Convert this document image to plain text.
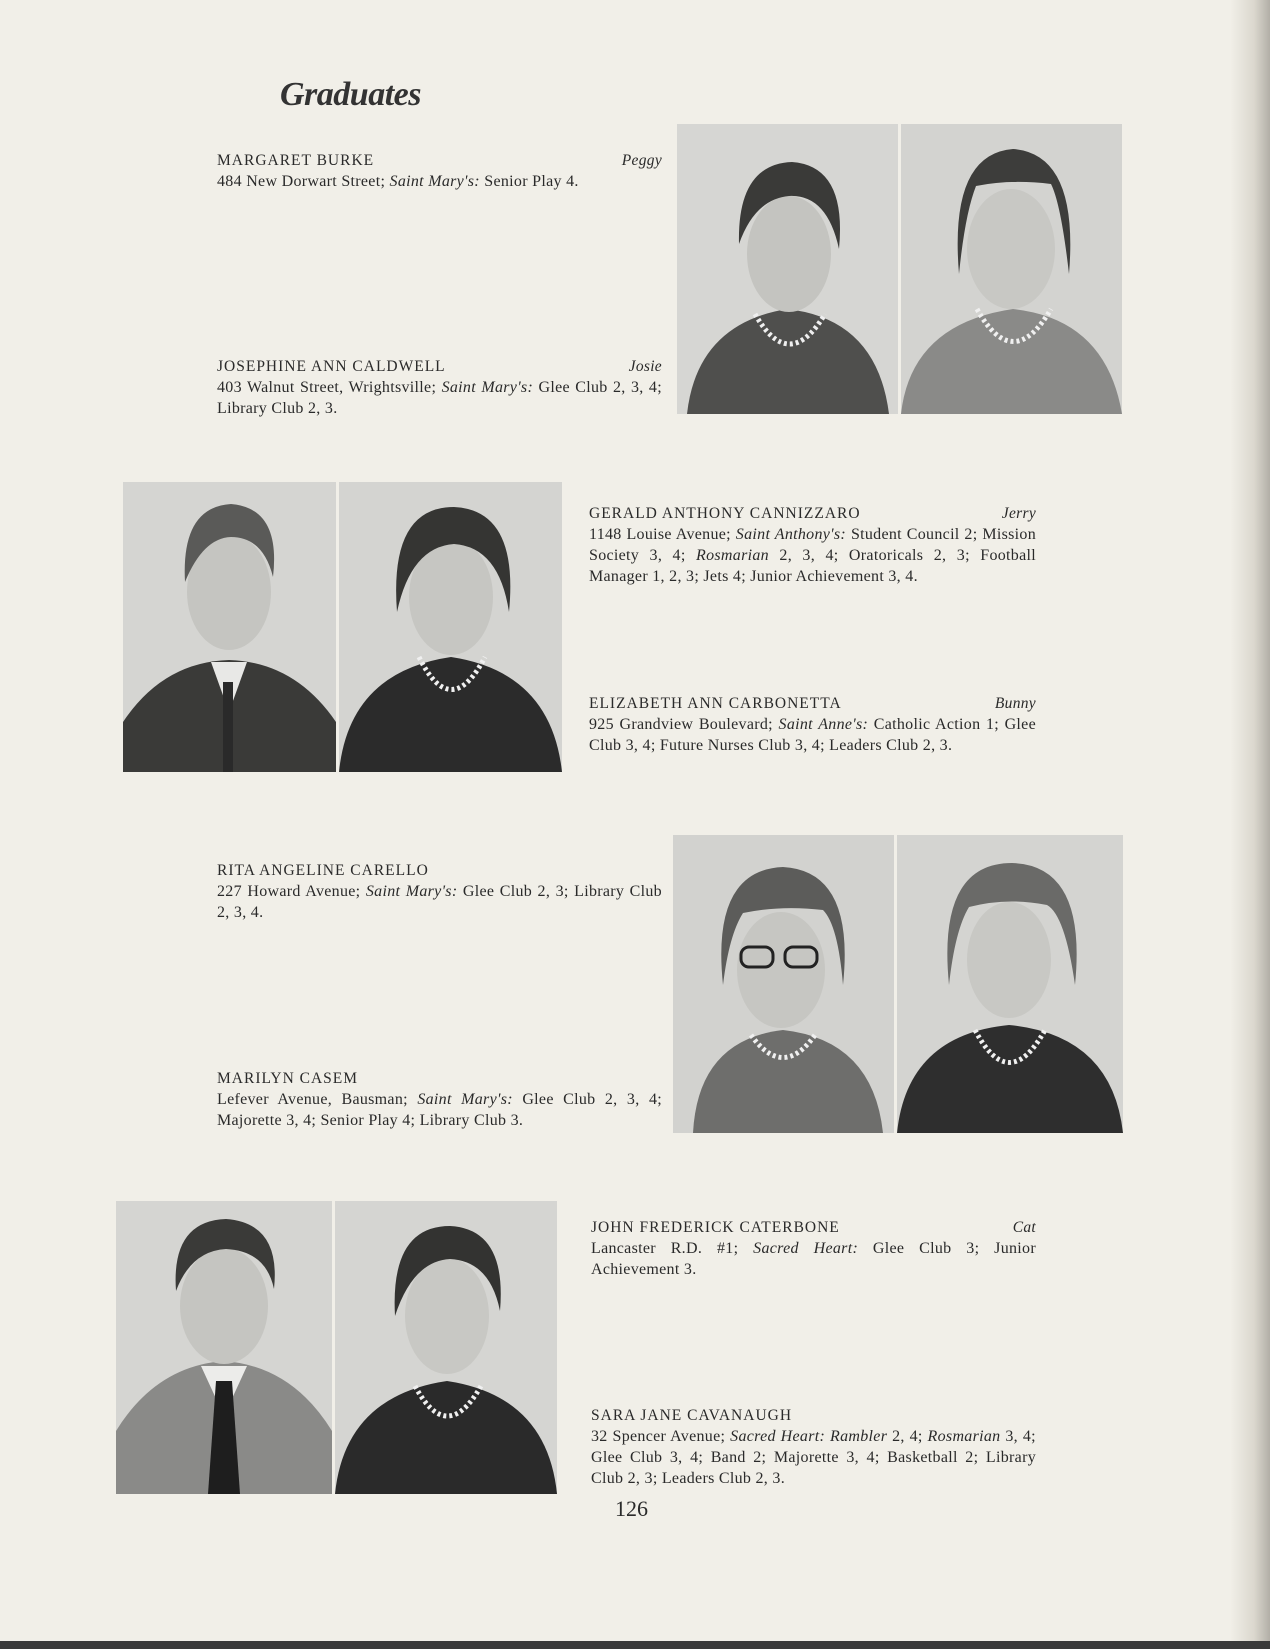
Graduates
MARGARET BURKE	Peggy
484 New Dorwart Street; Saint Mary's: Senior Play 4.
JOSEPHINE ANN CALDWELL	Josie
403 Walnut Street, Wrightsville; Saint Mary's: Glee Club 2, 3, 4; Library Club 2, 3.
GERALD ANTHONY CANNIZZARO	Jerry
1148 Louise Avenue; Saint Anthony's: Student Council 2; Mission Society 3, 4; Rosmarian 2, 3, 4; Oratoricals 2, 3; Football Manager 1, 2, 3; Jets 4; Junior Achievement 3, 4.
ELIZABETH ANN CARBONETTA	Bunny
925 Grandview Boulevard; Saint Anne's: Catholic Action 1; Glee Club 3, 4; Future Nurses Club 3, 4; Leaders Club 2, 3.
RITA ANGELINE CARELLO
227 Howard Avenue; Saint Mary's: Glee Club 2, 3; Library Club 2, 3, 4.
MARILYN CASEM
Lefever Avenue, Bausman; Saint Mary's: Glee Club 2, 3, 4; Majorette 3, 4; Senior Play 4; Library Club 3.
JOHN FREDERICK CATERBONE	Cat
Lancaster R.D. #1; Sacred Heart: Glee Club 3; Junior Achievement 3.
SARA JANE CAVANAUGH
32 Spencer Avenue; Sacred Heart: Rambler 2, 4; Rosmarian 3, 4; Glee Club 3, 4; Band 2; Majorette 3, 4; Basketball 2; Library Club 2, 3; Leaders Club 2, 3.
126
